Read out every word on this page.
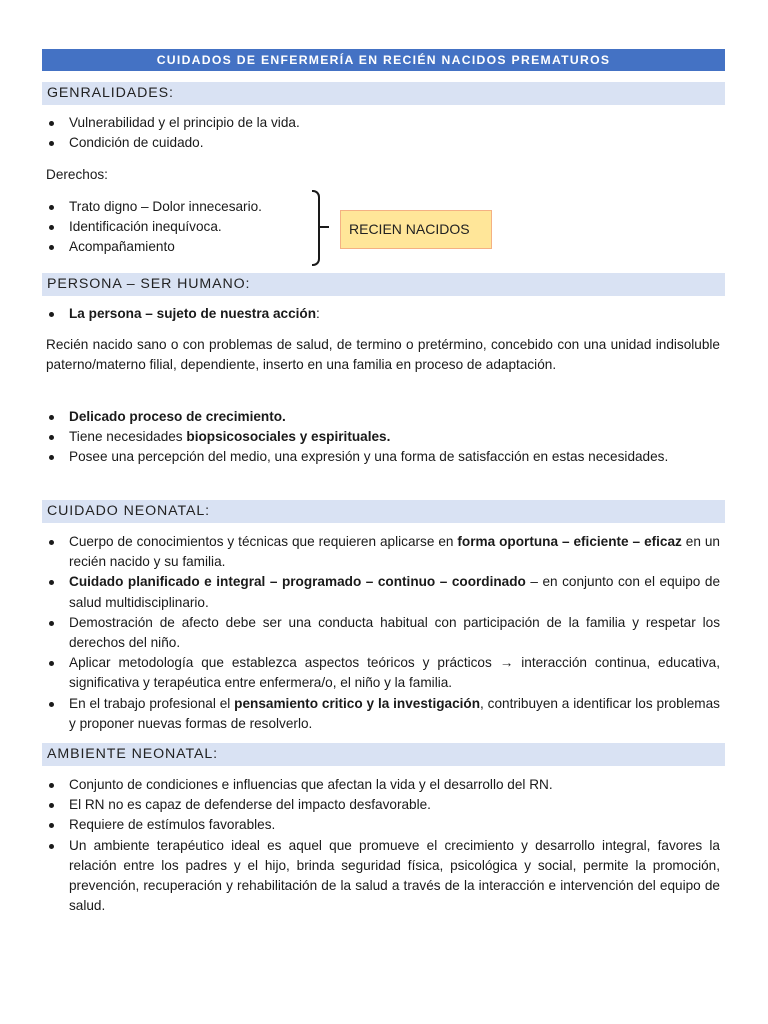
CUIDADOS DE ENFERMERÍA EN RECIÉN NACIDOS PREMATUROS
GENRALIDADES:
Vulnerabilidad y el principio de la vida.
Condición de cuidado.

Derechos:

Trato digno – Dolor innecesario.
Identificación inequívoca.
Acompañamiento
RECIEN NACIDOS
PERSONA – SER HUMANO:
La persona – sujeto de nuestra acción:

Recién nacido sano o con problemas de salud, de termino o pretérmino, concebido con una unidad indisoluble paterno/materno filial, dependiente, inserto en una familia en proceso de adaptación.

Delicado proceso de crecimiento.
Tiene necesidades biopsicosociales y espirituales.
Posee una percepción del medio, una expresión y una forma de satisfacción en estas necesidades.
CUIDADO NEONATAL:
Cuerpo de conocimientos y técnicas que requieren aplicarse en forma oportuna – eficiente – eficaz en un recién nacido y su familia.
Cuidado planificado e integral – programado – continuo – coordinado – en conjunto con el equipo de salud multidisciplinario.
Demostración de afecto debe ser una conducta habitual con participación de la familia y respetar los derechos del niño.
Aplicar metodología que establezca aspectos teóricos y prácticos → interacción continua, educativa, significativa y terapéutica entre enfermera/o, el niño y la familia.
En el trabajo profesional el pensamiento critico y la investigación, contribuyen a identificar los problemas y proponer nuevas formas de resolverlo.
AMBIENTE NEONATAL:
Conjunto de condiciones e influencias que afectan la vida y el desarrollo del RN.
El RN no es capaz de defenderse del impacto desfavorable.
Requiere de estímulos favorables.
Un ambiente terapéutico ideal es aquel que promueve el crecimiento y desarrollo integral, favores la relación entre los padres y el hijo, brinda seguridad física, psicológica y social, permite la promoción, prevención, recuperación y rehabilitación de la salud a través de la interacción e intervención del equipo de salud.
